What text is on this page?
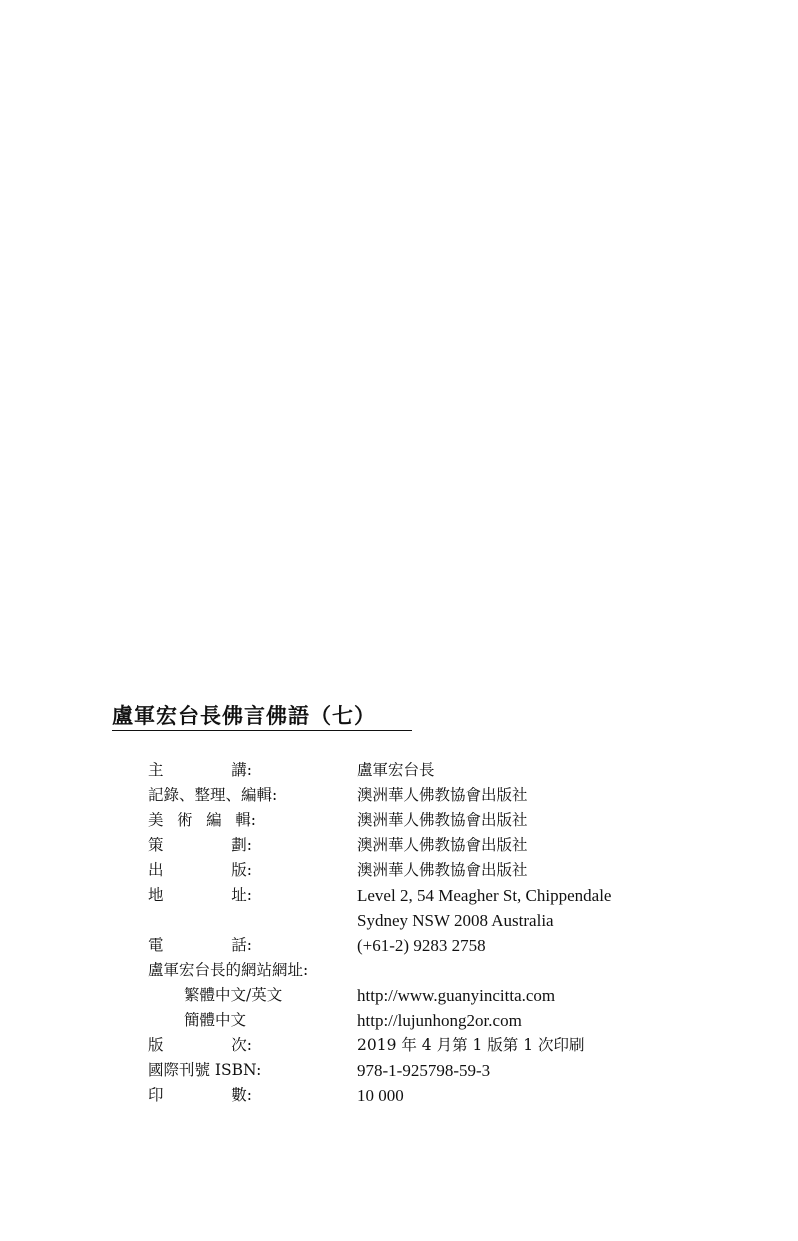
盧軍宏台長佛言佛語（七）
主	講:	盧軍宏台長
記錄、整理、編輯:	澳洲華人佛教協會出版社
美 術 編 輯:	澳洲華人佛教協會出版社
策	劃:	澳洲華人佛教協會出版社
出	版:	澳洲華人佛教協會出版社
地	址:	Level 2, 54 Meagher St, Chippendale
Sydney NSW 2008 Australia
電	話:	(+61-2) 9283 2758
盧軍宏台長的網站網址:
繁體中文/英文	http://www.guanyincitta.com
簡體中文	http://lujunhong2or.com
版	次:	2019 年 4 月第 1 版第 1 次印刷
國際刊號 ISBN:	978-1-925798-59-3
印	數:	10 000
